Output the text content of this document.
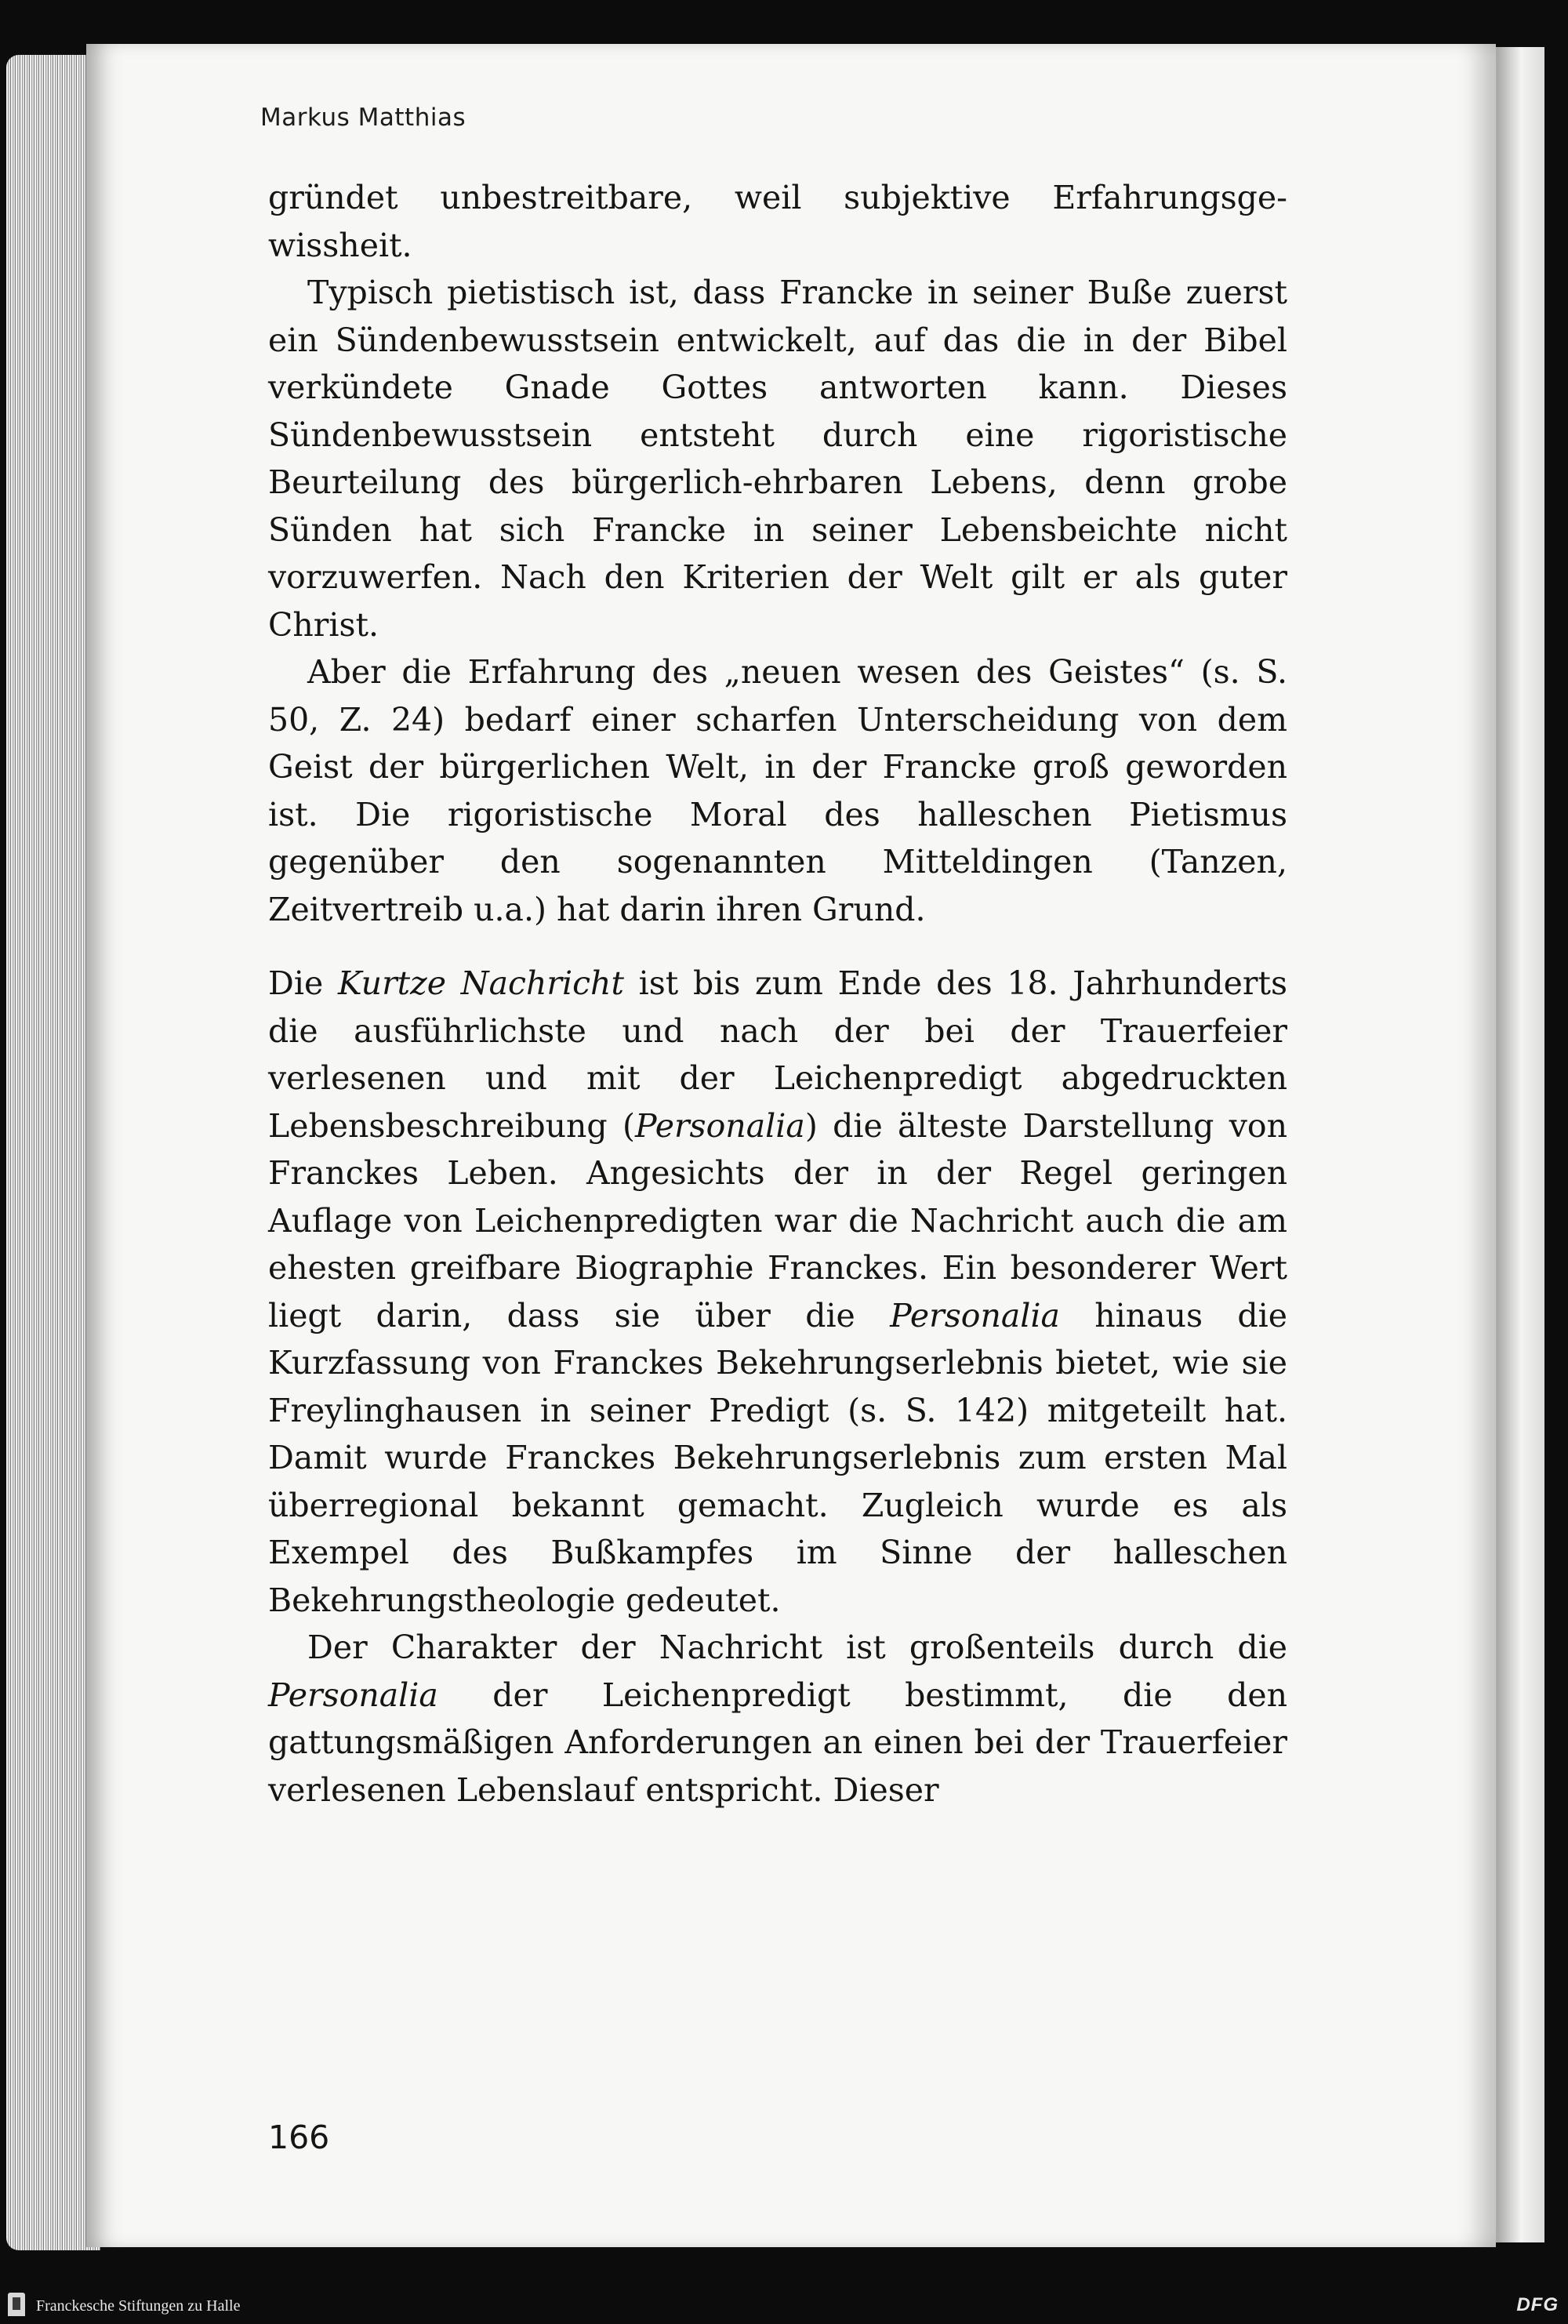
Markus Matthias

gründet unbestreitbare, weil subjektive Erfahrungsgewissheit.

Typisch pietistisch ist, dass Francke in seiner Buße zuerst ein Sündenbewusstsein entwickelt, auf das die in der Bibel verkündete Gnade Gottes antworten kann. Dieses Sündenbewusstsein entsteht durch eine rigoristische Beurteilung des bürgerlich-ehrbaren Lebens, denn grobe Sünden hat sich Francke in seiner Lebensbeichte nicht vorzuwerfen. Nach den Kriterien der Welt gilt er als guter Christ.

Aber die Erfahrung des „neuen wesen des Geistes“ (s. S. 50, Z. 24) bedarf einer scharfen Unterscheidung von dem Geist der bürgerlichen Welt, in der Francke groß geworden ist. Die rigoristische Moral des halleschen Pietismus gegenüber den sogenannten Mitteldingen (Tanzen, Zeitvertreib u.a.) hat darin ihren Grund.

Die Kurtze Nachricht ist bis zum Ende des 18. Jahrhunderts die ausführlichste und nach der bei der Trauerfeier verlesenen und mit der Leichenpredigt abgedruckten Lebensbeschreibung (Personalia) die älteste Darstellung von Franckes Leben. Angesichts der in der Regel geringen Auflage von Leichenpredigten war die Nachricht auch die am ehesten greifbare Biographie Franckes. Ein besonderer Wert liegt darin, dass sie über die Personalia hinaus die Kurzfassung von Franckes Bekehrungserlebnis bietet, wie sie Freylinghausen in seiner Predigt (s. S. 142) mitgeteilt hat. Damit wurde Franckes Bekehrungserlebnis zum ersten Mal überregional bekannt gemacht. Zugleich wurde es als Exempel des Bußkampfes im Sinne der halleschen Bekehrungstheologie gedeutet.

Der Charakter der Nachricht ist großenteils durch die Personalia der Leichenpredigt bestimmt, die den gattungsmäßigen Anforderungen an einen bei der Trauerfeier verlesenen Lebenslauf entspricht. Dieser

166
Franckesche Stiftungen zu Halle	DFG
